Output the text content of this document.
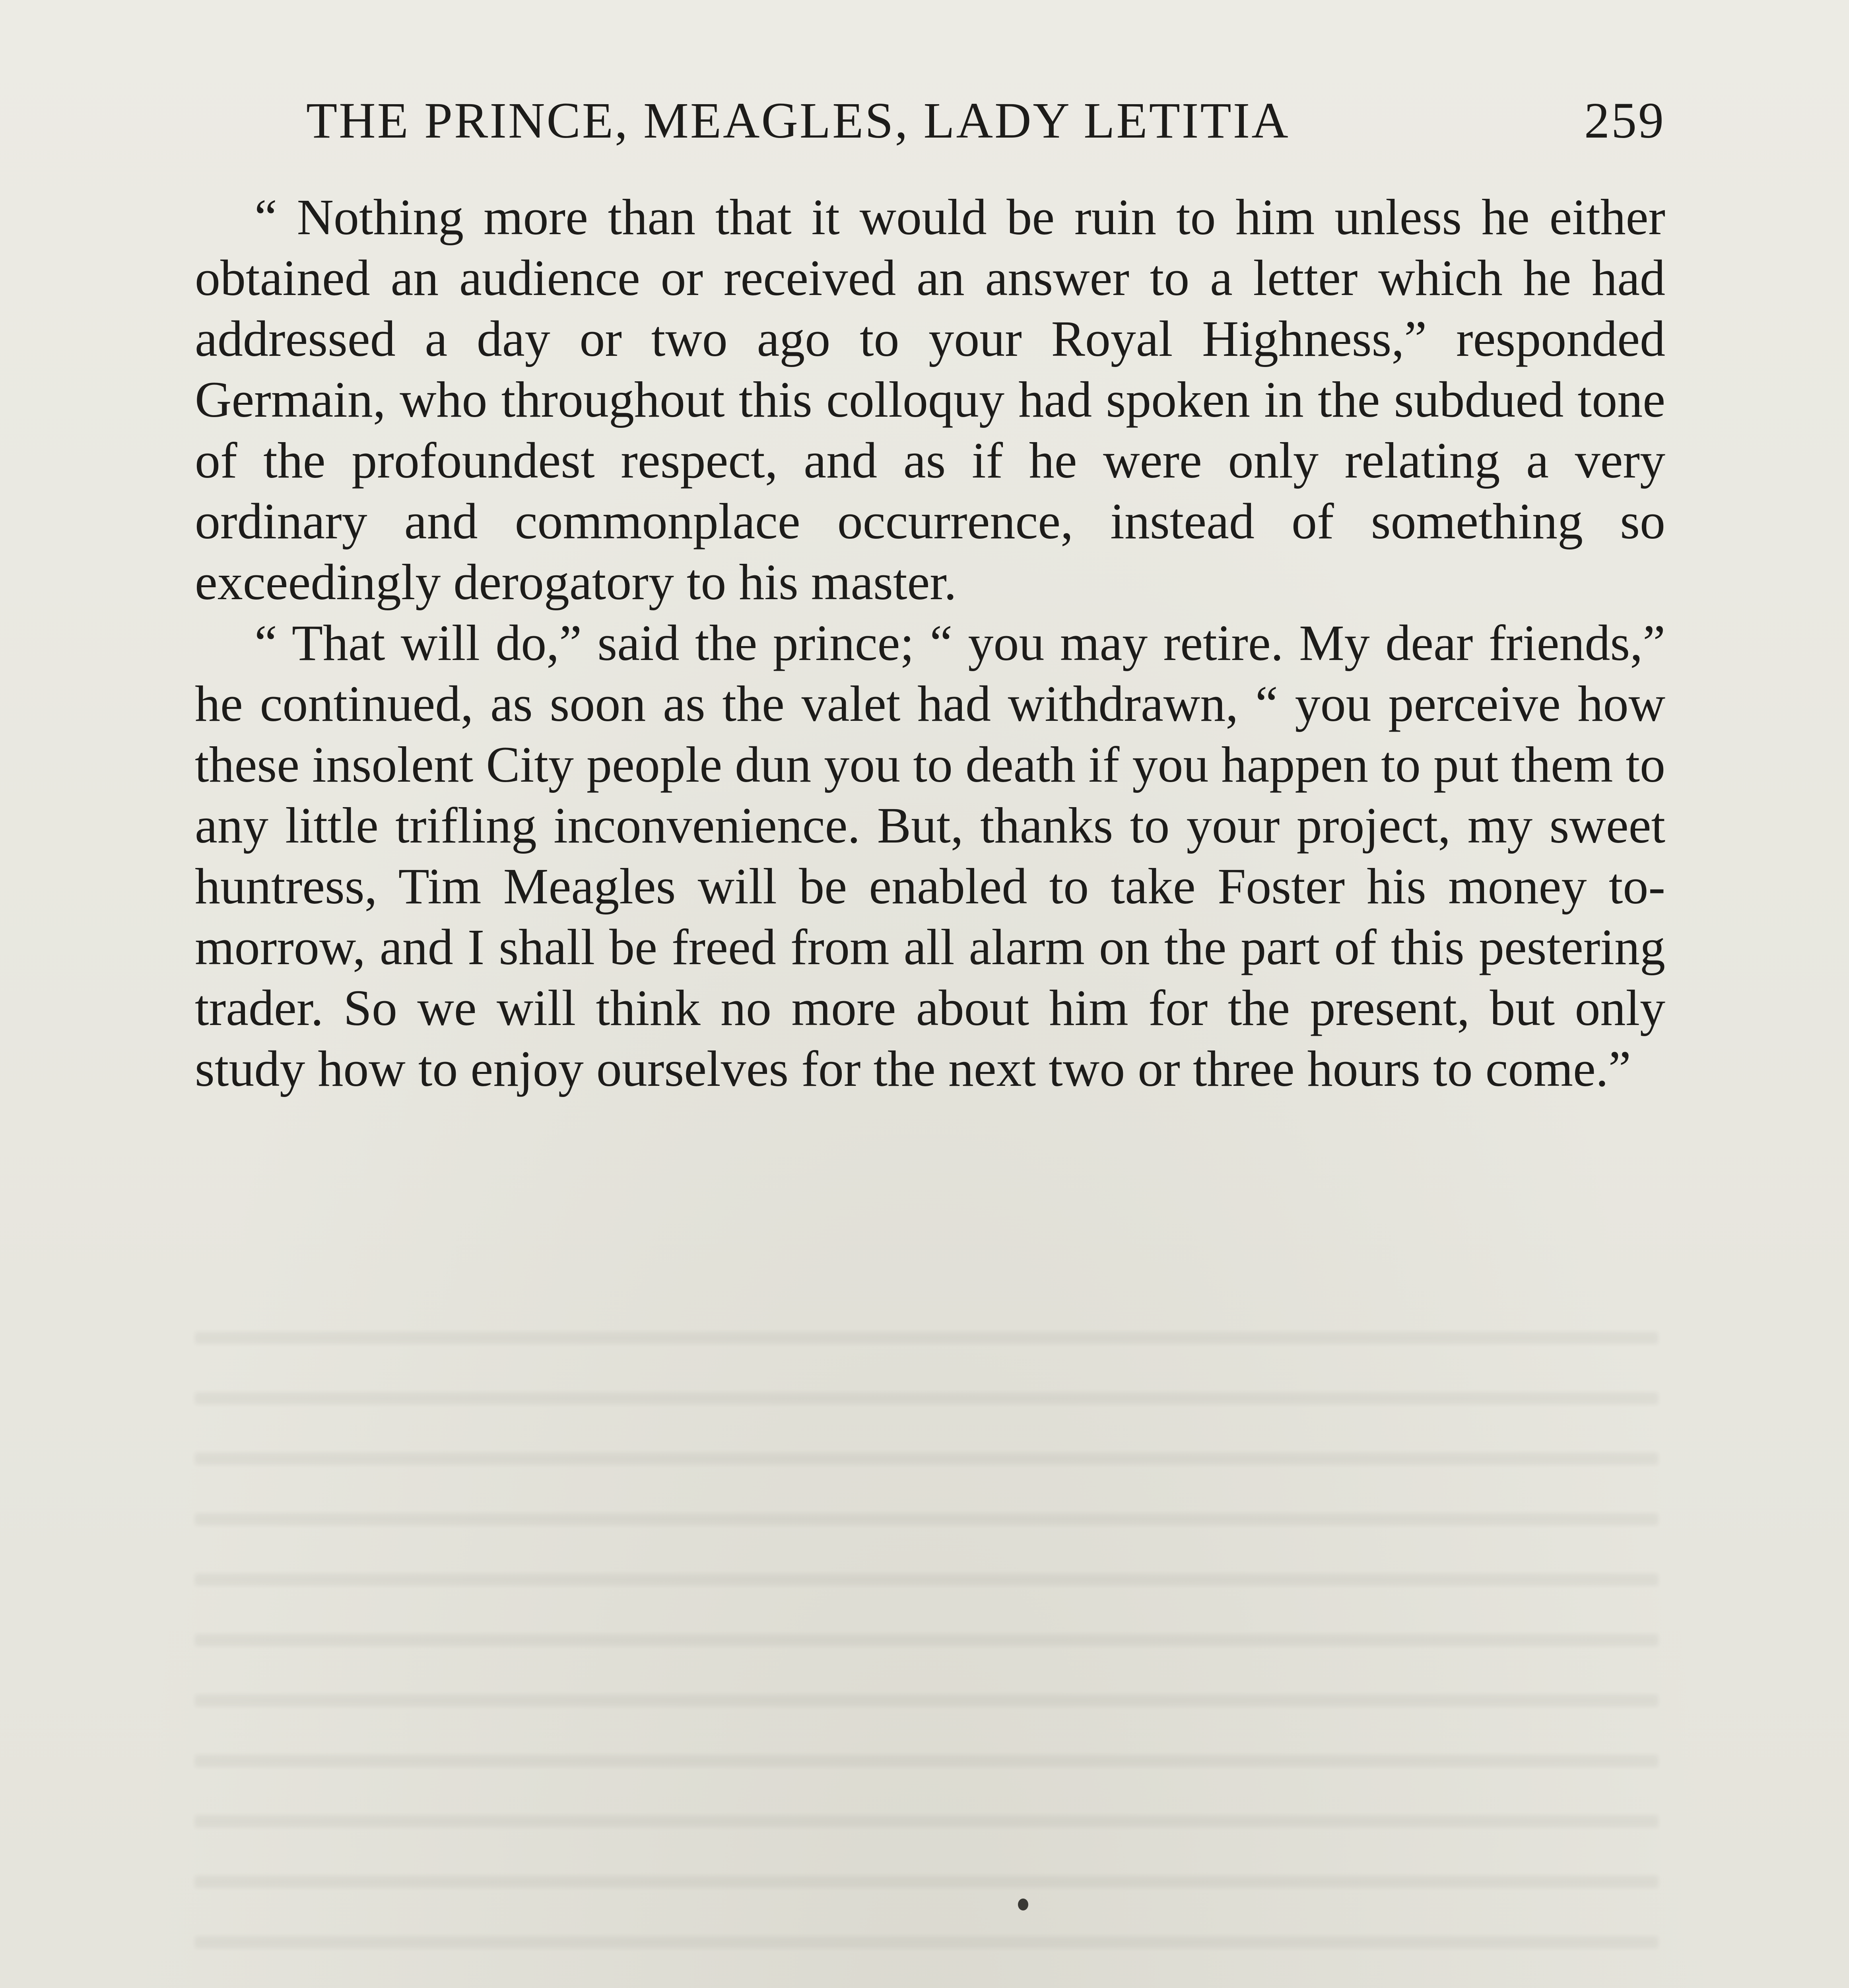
THE PRINCE, MEAGLES, LADY LETITIA	259

“ Nothing more than that it would be ruin to him unless he either obtained an audience or received an answer to a letter which he had addressed a day or two ago to your Royal Highness,” responded Germain, who throughout this colloquy had spoken in the subdued tone of the profoundest respect, and as if he were only relating a very ordinary and commonplace occurrence, instead of something so exceedingly derogatory to his master.

“ That will do,” said the prince; “ you may retire. My dear friends,” he continued, as soon as the valet had withdrawn, “ you perceive how these insolent City people dun you to death if you happen to put them to any little trifling inconvenience. But, thanks to your project, my sweet huntress, Tim Meagles will be enabled to take Foster his money to-morrow, and I shall be freed from all alarm on the part of this pestering trader. So we will think no more about him for the present, but only study how to enjoy ourselves for the next two or three hours to come.”
